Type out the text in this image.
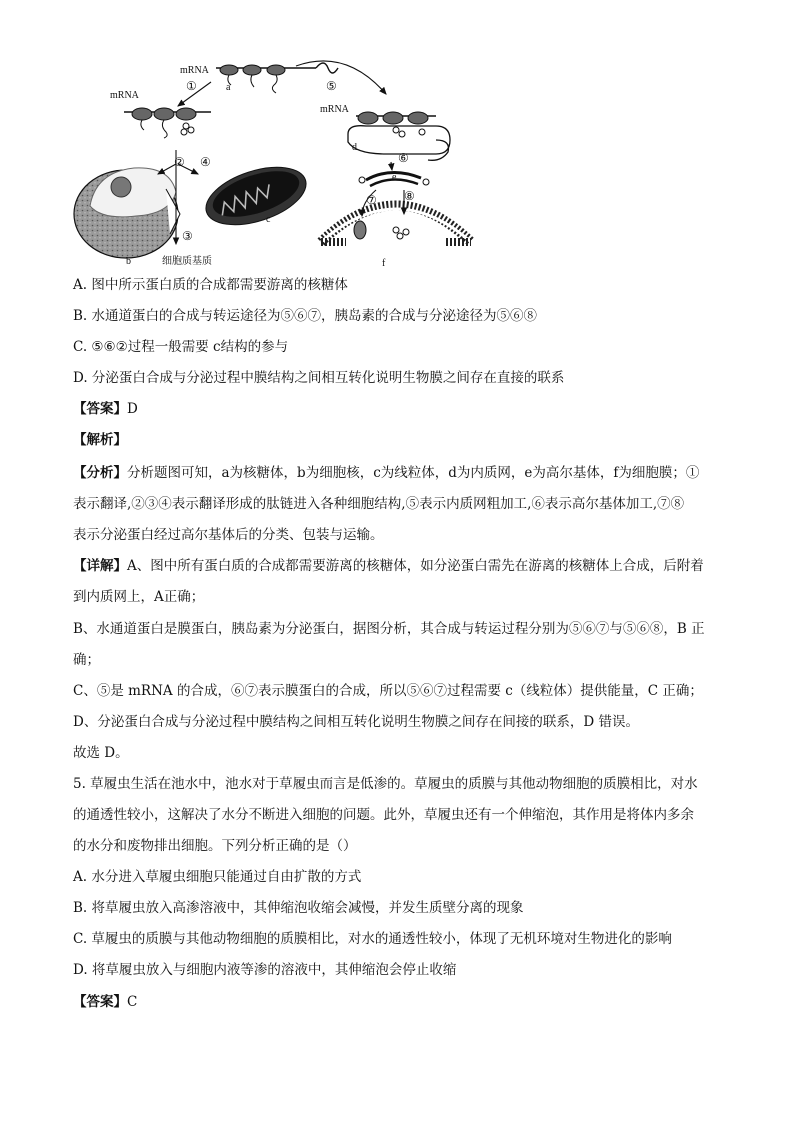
mRNA
mRNA
mRNA
a
b
c
d
e
f
①
②
③
④
⑤
⑥
⑦ ⑧
细胞质基质
A. 图中所示蛋白质的合成都需要游离的核糖体
B. 水通道蛋白的合成与转运途径为⑤⑥⑦，胰岛素的合成与分泌途径为⑤⑥⑧
C. ⑤⑥②过程一般需要 c结构的参与
D. 分泌蛋白合成与分泌过程中膜结构之间相互转化说明生物膜之间存在直接的联系
【答案】D
【解析】
【分析】分析题图可知，a为核糖体，b为细胞核，c为线粒体，d为内质网，e为高尔基体，f为细胞膜；①
表示翻译,②③④表示翻译形成的肽链进入各种细胞结构,⑤表示内质网粗加工,⑥表示高尔基体加工,⑦⑧
表示分泌蛋白经过高尔基体后的分类、包装与运输。
【详解】A、图中所有蛋白质的合成都需要游离的核糖体，如分泌蛋白需先在游离的核糖体上合成，后附着
到内质网上，A正确；
B、水通道蛋白是膜蛋白，胰岛素为分泌蛋白，据图分析，其合成与转运过程分别为⑤⑥⑦与⑤⑥⑧，B 正
确；
C、⑤是 mRNA 的合成，⑥⑦表示膜蛋白的合成，所以⑤⑥⑦过程需要 c（线粒体）提供能量，C 正确；
D、分泌蛋白合成与分泌过程中膜结构之间相互转化说明生物膜之间存在间接的联系，D 错误。
故选 D。
5. 草履虫生活在池水中，池水对于草履虫而言是低渗的。草履虫的质膜与其他动物细胞的质膜相比，对水
的通透性较小，这解决了水分不断进入细胞的问题。此外，草履虫还有一个伸缩泡，其作用是将体内多余
的水分和废物排出细胞。下列分析正确的是（）
A. 水分进入草履虫细胞只能通过自由扩散的方式
B. 将草履虫放入高渗溶液中，其伸缩泡收缩会减慢，并发生质壁分离的现象
C. 草履虫的质膜与其他动物细胞的质膜相比，对水的通透性较小，体现了无机环境对生物进化的影响
D. 将草履虫放入与细胞内液等渗的溶液中，其伸缩泡会停止收缩
【答案】C
